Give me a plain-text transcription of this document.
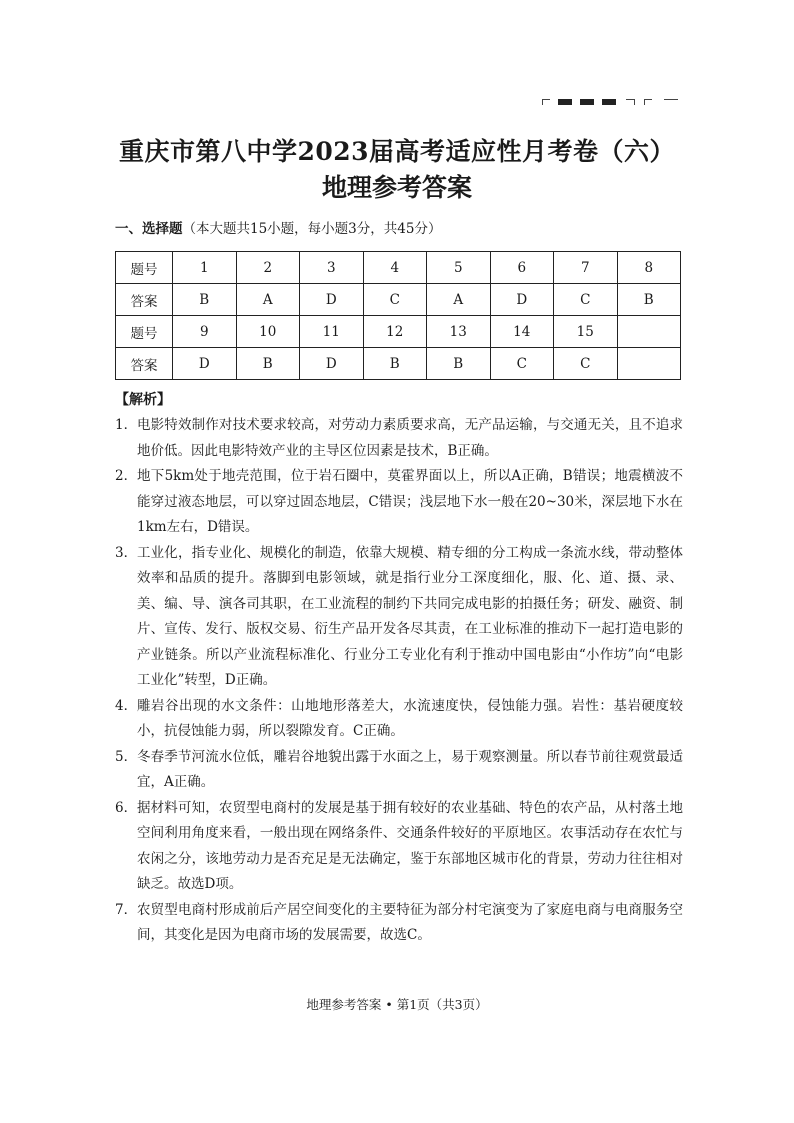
重庆市第八中学2023届高考适应性月考卷（六）
地理参考答案
一、选择题（本大题共15小题，每小题3分，共45分）
题号	1	2	3	4	5	6	7	8
答案	B	A	D	C	A	D	C	B
题号	9	10	11	12	13	14	15	
答案	D	B	D	B	B	C	C	
【解析】
1． 电影特效制作对技术要求较高，对劳动力素质要求高，无产品运输，与交通无关，且不追求地价低。因此电影特效产业的主导区位因素是技术，B正确。
2． 地下5km处于地壳范围，位于岩石圈中，莫霍界面以上，所以A正确，B错误；地震横波不能穿过液态地层，可以穿过固态地层，C错误；浅层地下水一般在20~30米，深层地下水在1km左右，D错误。
3． 工业化，指专业化、规模化的制造，依靠大规模、精专细的分工构成一条流水线，带动整体效率和品质的提升。落脚到电影领域，就是指行业分工深度细化，服、化、道、摄、录、美、编、导、演各司其职，在工业流程的制约下共同完成电影的拍摄任务；研发、融资、制片、宣传、发行、版权交易、衍生产品开发各尽其责，在工业标准的推动下一起打造电影的产业链条。所以产业流程标准化、行业分工专业化有利于推动中国电影由“小作坊”向“电影工业化”转型，D正确。
4． 雕岩谷出现的水文条件：山地地形落差大，水流速度快，侵蚀能力强。岩性：基岩硬度较小，抗侵蚀能力弱，所以裂隙发育。C正确。
5． 冬春季节河流水位低，雕岩谷地貌出露于水面之上，易于观察测量。所以春节前往观赏最适宜，A正确。
6． 据材料可知，农贸型电商村的发展是基于拥有较好的农业基础、特色的农产品，从村落土地空间利用角度来看，一般出现在网络条件、交通条件较好的平原地区。农事活动存在农忙与农闲之分，该地劳动力是否充足是无法确定，鉴于东部地区城市化的背景，劳动力往往相对缺乏。故选D项。
7． 农贸型电商村形成前后产居空间变化的主要特征为部分村宅演变为了家庭电商与电商服务空间，其变化是因为电商市场的发展需要，故选C。
地理参考答案 • 第1页（共3页）
